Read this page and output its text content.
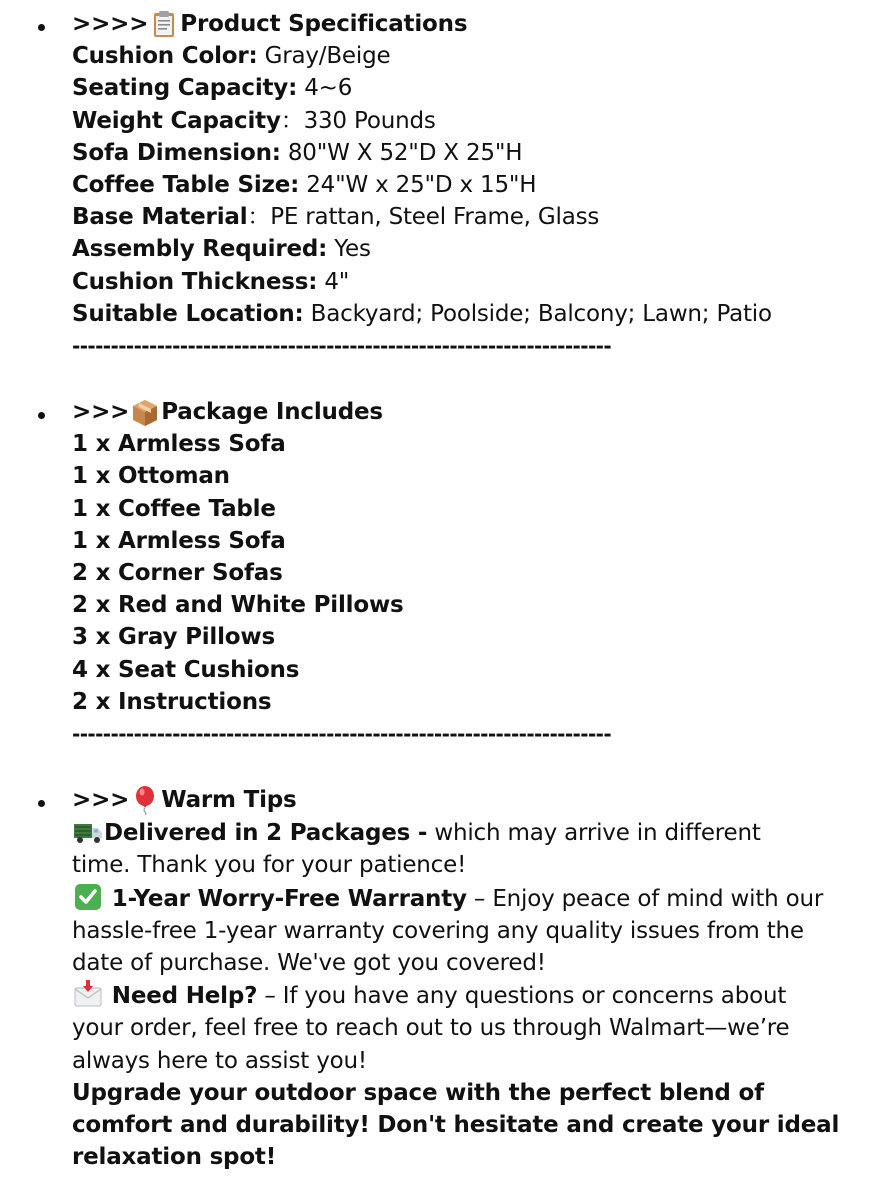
>>>> Product Specifications
Cushion Color: Gray/Beige
Seating Capacity: 4~6
Weight Capacity：330 Pounds
Sofa Dimension: 80"W X 52"D X 25"H
Coffee Table Size: 24"W x 25"D x 15"H
Base Material：PE rattan, Steel Frame, Glass
Assembly Required: Yes
Cushion Thickness: 4"
Suitable Location: Backyard; Poolside; Balcony; Lawn; Patio
----------------------------------------------------------------------
>>> Package Includes
1 x Armless Sofa
1 x Ottoman
1 x Coffee Table
1 x Armless Sofa
2 x Corner Sofas
2 x Red and White Pillows
3 x Gray Pillows
4 x Seat Cushions
2 x Instructions
----------------------------------------------------------------------
>>> Warm Tips
Delivered in 2 Packages - which may arrive in different
time. Thank you for your patience!
1-Year Worry-Free Warranty – Enjoy peace of mind with our
hassle-free 1-year warranty covering any quality issues from the
date of purchase. We've got you covered!
Need Help? – If you have any questions or concerns about
your order, feel free to reach out to us through Walmart—we’re
always here to assist you!
Upgrade your outdoor space with the perfect blend of
comfort and durability! Don't hesitate and create your ideal
relaxation spot!
